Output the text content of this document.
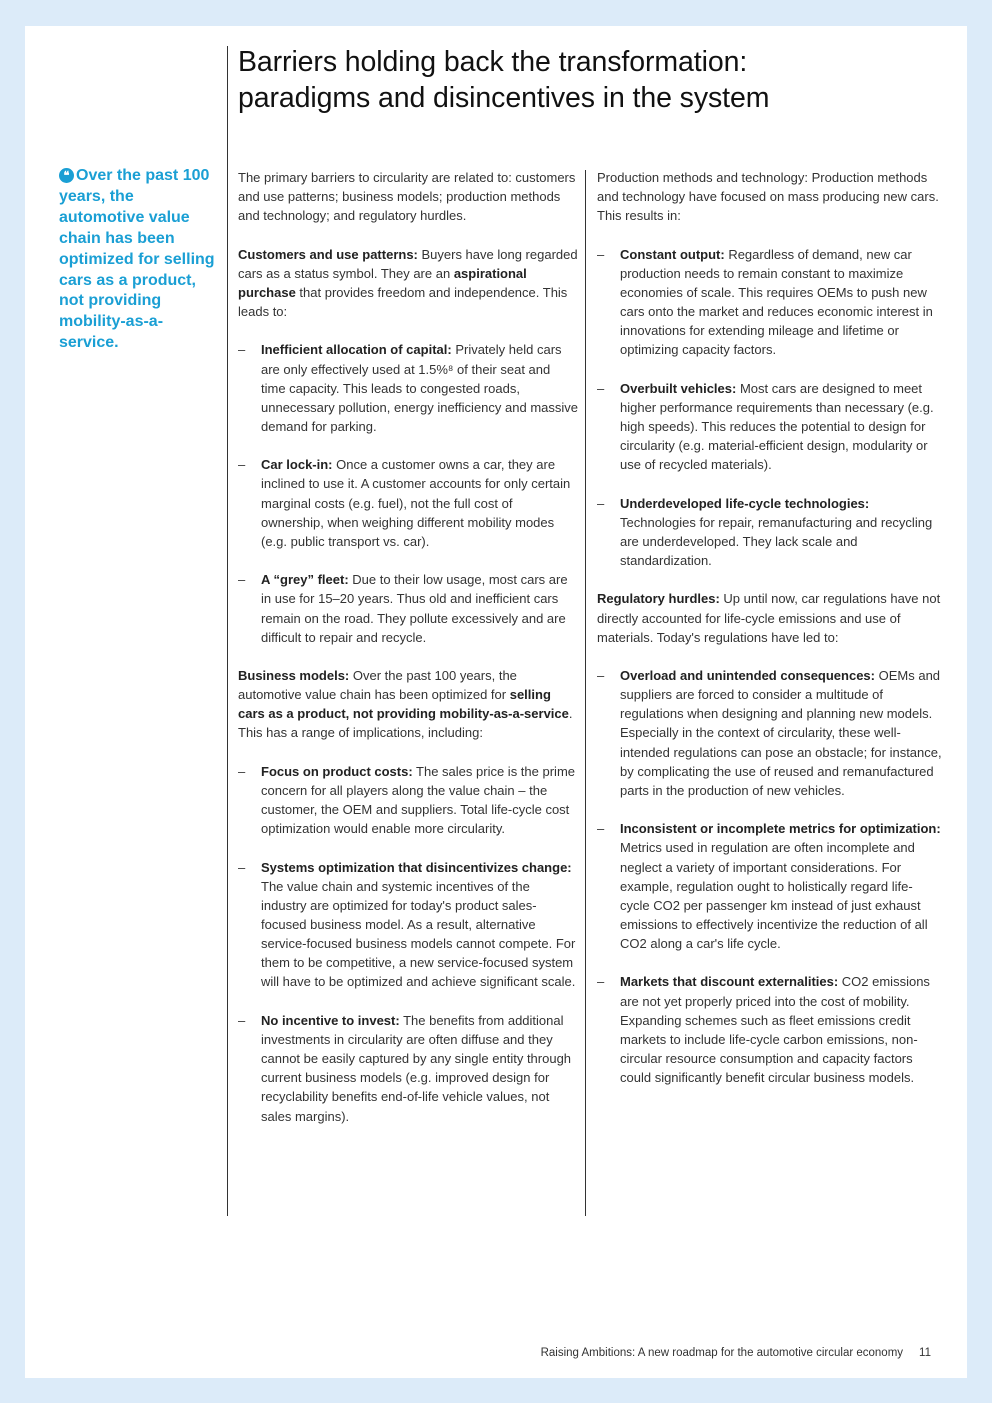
Barriers holding back the transformation:
paradigms and disincentives in the system
❝ Over the past 100 years, the automotive value chain has been optimized for selling cars as a product, not providing mobility-as-a-service.

The primary barriers to circularity are related to: customers and use patterns; business models; production methods and technology; and regulatory hurdles.

Customers and use patterns: Buyers have long regarded cars as a status symbol. They are an aspirational purchase that provides freedom and independence. This leads to:

– Inefficient allocation of capital: Privately held cars are only effectively used at 1.5%⁸ of their seat and time capacity. This leads to congested roads, unnecessary pollution, energy inefficiency and massive demand for parking.
– Car lock-in: Once a customer owns a car, they are inclined to use it. A customer accounts for only certain marginal costs (e.g. fuel), not the full cost of ownership, when weighing different mobility modes (e.g. public transport vs. car).
– A “grey” fleet: Due to their low usage, most cars are in use for 15–20 years. Thus old and inefficient cars remain on the road. They pollute excessively and are difficult to repair and recycle.

Business models: Over the past 100 years, the automotive value chain has been optimized for selling cars as a product, not providing mobility-as-a-service. This has a range of implications, including:

– Focus on product costs: The sales price is the prime concern for all players along the value chain – the customer, the OEM and suppliers. Total life-cycle cost optimization would enable more circularity.
– Systems optimization that disincentivizes change: The value chain and systemic incentives of the industry are optimized for today's product sales-focused business model. As a result, alternative service-focused business models cannot compete. For them to be competitive, a new service-focused system will have to be optimized and achieve significant scale.
– No incentive to invest: The benefits from additional investments in circularity are often diffuse and they cannot be easily captured by any single entity through current business models (e.g. improved design for recyclability benefits end-of-life vehicle values, not sales margins).

Production methods and technology: Production methods and technology have focused on mass producing new cars. This results in:

– Constant output: Regardless of demand, new car production needs to remain constant to maximize economies of scale. This requires OEMs to push new cars onto the market and reduces economic interest in innovations for extending mileage and lifetime or optimizing capacity factors.
– Overbuilt vehicles: Most cars are designed to meet higher performance requirements than necessary (e.g. high speeds). This reduces the potential to design for circularity (e.g. material-efficient design, modularity or use of recycled materials).
– Underdeveloped life-cycle technologies: Technologies for repair, remanufacturing and recycling are underdeveloped. They lack scale and standardization.

Regulatory hurdles: Up until now, car regulations have not directly accounted for life-cycle emissions and use of materials. Today's regulations have led to:

– Overload and unintended consequences: OEMs and suppliers are forced to consider a multitude of regulations when designing and planning new models. Especially in the context of circularity, these well-intended regulations can pose an obstacle; for instance, by complicating the use of reused and remanufactured parts in the production of new vehicles.
– Inconsistent or incomplete metrics for optimization: Metrics used in regulation are often incomplete and neglect a variety of important considerations. For example, regulation ought to holistically regard life-cycle CO2 per passenger km instead of just exhaust emissions to effectively incentivize the reduction of all CO2 along a car's life cycle.
– Markets that discount externalities: CO2 emissions are not yet properly priced into the cost of mobility. Expanding schemes such as fleet emissions credit markets to include life-cycle carbon emissions, non-circular resource consumption and capacity factors could significantly benefit circular business models.
Raising Ambitions: A new roadmap for the automotive circular economy 11
